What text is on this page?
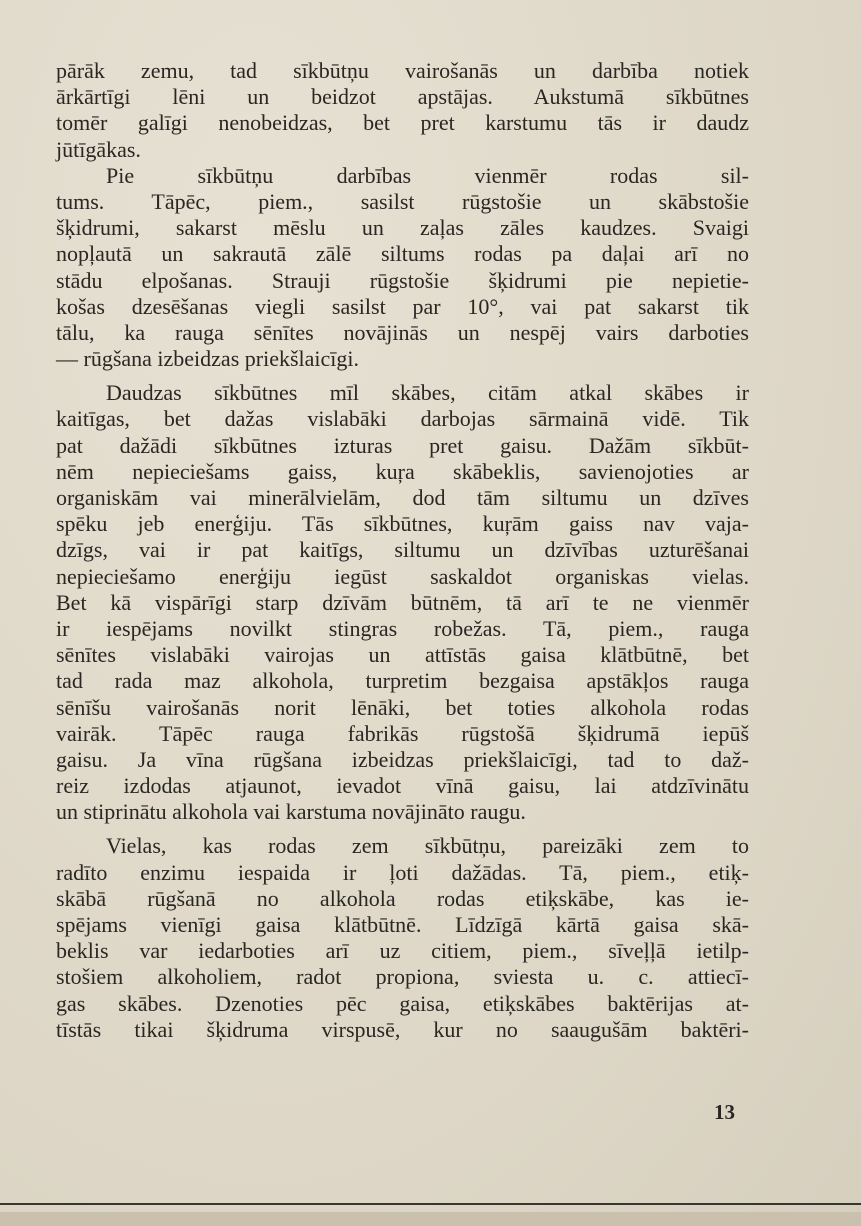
pārāk zemu, tad sīkbūtņu vairošanās un darbība notiek
ārkārtīgi lēni un beidzot apstājas. Aukstumā sīkbūtnes
tomēr galīgi nenobeidzas, bet pret karstumu tās ir daudz
jūtīgākas.
Pie sīkbūtņu darbības vienmēr rodas sil-
tums. Tāpēc, piem., sasilst rūgstošie un skābstošie
šķidrumi, sakarst mēslu un zaļas zāles kaudzes. Svaigi
nopļautā un sakrautā zālē siltums rodas pa daļai arī no
stādu elpošanas. Strauji rūgstošie šķidrumi pie nepietie-
košas dzesēšanas viegli sasilst par 10°, vai pat sakarst tik
tālu, ka rauga sēnītes novājinās un nespēj vairs darboties
— rūgšana izbeidzas priekšlaicīgi.
Daudzas sīkbūtnes mīl skābes, citām atkal skābes ir
kaitīgas, bet dažas vislabāki darbojas sārmainā vidē. Tik
pat dažādi sīkbūtnes izturas pret gaisu. Dažām sīkbūt-
nēm nepieciešams gaiss, kuŗa skābeklis, savienojoties ar
organiskām vai minerālvielām, dod tām siltumu un dzīves
spēku jeb enerģiju. Tās sīkbūtnes, kuŗām gaiss nav vaja-
dzīgs, vai ir pat kaitīgs, siltumu un dzīvības uzturēšanai
nepieciešamo enerģiju iegūst saskaldot organiskas vielas.
Bet kā vispārīgi starp dzīvām būtnēm, tā arī te ne vienmēr
ir iespējams novilkt stingras robežas. Tā, piem., rauga
sēnītes vislabāki vairojas un attīstās gaisa klātbūtnē, bet
tad rada maz alkohola, turpretim bezgaisa apstākļos rauga
sēnīšu vairošanās norit lēnāki, bet toties alkohola rodas
vairāk. Tāpēc rauga fabrikās rūgstošā šķidrumā iepūš
gaisu. Ja vīna rūgšana izbeidzas priekšlaicīgi, tad to daž-
reiz izdodas atjaunot, ievadot vīnā gaisu, lai atdzīvinātu
un stiprinātu alkohola vai karstuma novājināto raugu.
Vielas, kas rodas zem sīkbūtņu, pareizāki zem to
radīto enzimu iespaida ir ļoti dažādas. Tā, piem., etiķ-
skābā rūgšanā no alkohola rodas etiķskābe, kas ie-
spējams vienīgi gaisa klātbūtnē. Līdzīgā kārtā gaisa skā-
beklis var iedarboties arī uz citiem, piem., sīveļļā ietilp-
stošiem alkoholiem, radot propiona, sviesta u. c. attiecī-
gas skābes. Dzenoties pēc gaisa, etiķskābes baktērijas at-
tīstās tikai šķidruma virspusē, kur no saaugušām baktēri-
13
